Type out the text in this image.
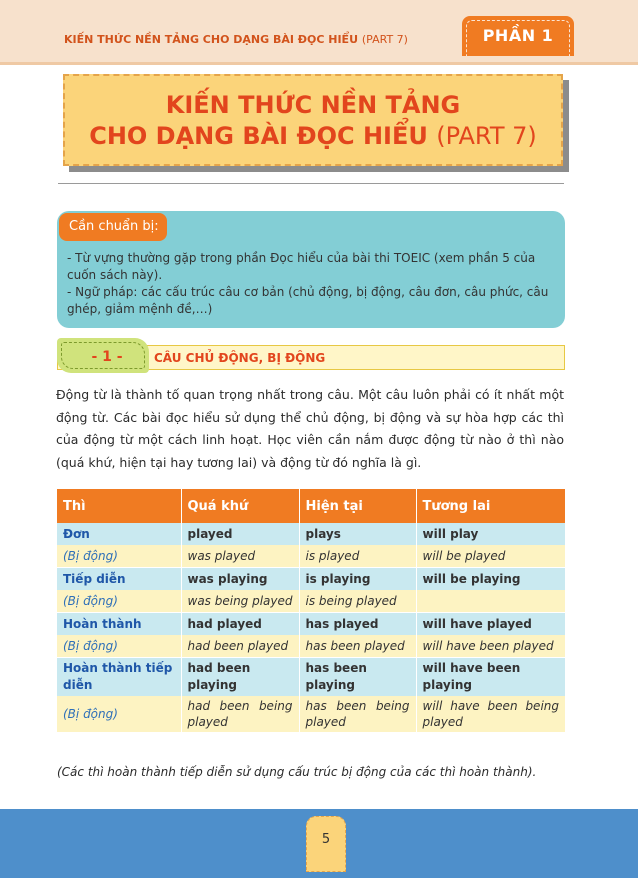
KIẾN THỨC NỀN TẢNG CHO DẠNG BÀI ĐỌC HIỂU (PART 7)	PHẦN 1
KIẾN THỨC NỀN TẢNG
CHO DẠNG BÀI ĐỌC HIỂU (PART 7)
Cần chuẩn bị:
- Từ vựng thường gặp trong phần Đọc hiểu của bài thi TOEIC (xem phần 5 của cuốn sách này).
- Ngữ pháp: các cấu trúc câu cơ bản (chủ động, bị động, câu đơn, câu phức, câu ghép, giảm mệnh đề,…)
- 1 -	CÂU CHỦ ĐỘNG, BỊ ĐỘNG
Động từ là thành tố quan trọng nhất trong câu. Một câu luôn phải có ít nhất một động từ. Các bài đọc hiểu sử dụng thể chủ động, bị động và sự hòa hợp các thì của động từ một cách linh hoạt. Học viên cần nắm được động từ nào ở thì nào (quá khứ, hiện tại hay tương lai) và động từ đó nghĩa là gì.
Thì	Quá khứ	Hiện tại	Tương lai
Đơn	played	plays	will play
(Bị động)	was played	is played	will be played
Tiếp diễn	was playing	is playing	will be playing
(Bị động)	was being played	is being played	
Hoàn thành	had played	has played	will have played
(Bị động)	had been played	has been played	will have been played
Hoàn thành tiếp diễn	had been playing	has been playing	will have been playing
(Bị động)	had been being played	has been being played	will have been being played
(Các thì hoàn thành tiếp diễn sử dụng cấu trúc bị động của các thì hoàn thành).
5
